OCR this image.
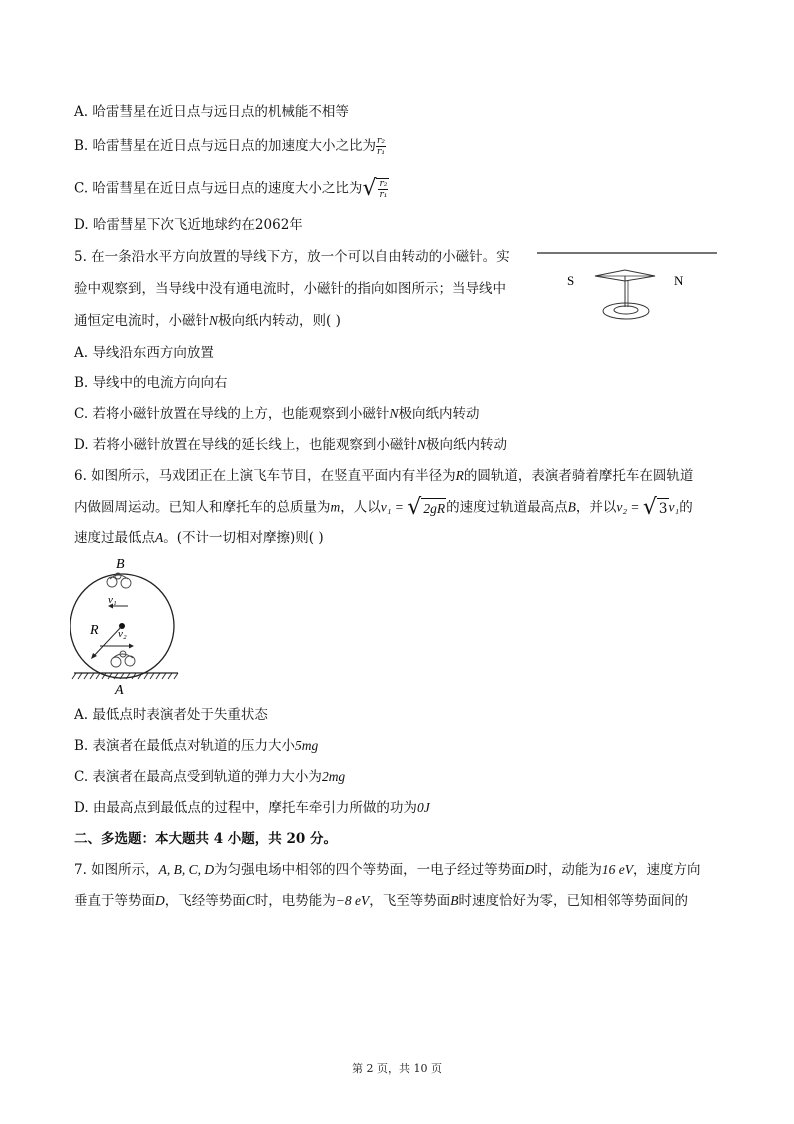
A. 哈雷彗星在近日点与远日点的机械能不相等
B. 哈雷彗星在近日点与远日点的加速度大小之比为 $\frac{\text{r₂}}{\text{r₁}}$
C. 哈雷彗星在近日点与远日点的速度大小之比为 √ $\frac{\text{r₂}}{\text{r₁}}$
D. 哈雷彗星下次飞近地球约在2062年
5. 在一条沿水平方向放置的导线下方，放一个可以自由转动的小磁针。实
验中观察到，当导线中没有通电流时，小磁针的指向如图所示；当导线中
通恒定电流时，小磁针N极向纸内转动，则( )
S	N
A. 导线沿东西方向放置
B. 导线中的电流方向向右
C. 若将小磁针放置在导线的上方，也能观察到小磁针N极向纸内转动
D. 若将小磁针放置在导线的延长线上，也能观察到小磁针N极向纸内转动
6. 如图所示，马戏团正在上演飞车节目，在竖直平面内有半径为R的圆轨道，表演者骑着摩托车在圆轨道
内做圆周运动。已知人和摩托车的总质量为m，人以v₁ = √ 2gR 的速度过轨道最高点B，并以v₂ = √ 3 v₁的
速度过最低点A。(不计一切相对摩擦)则( )
B
v₁
R v₂
A
A. 最低点时表演者处于失重状态
B. 表演者在最低点对轨道的压力大小5mg
C. 表演者在最高点受到轨道的弹力大小为2mg
D. 由最高点到最低点的过程中，摩托车牵引力所做的功为0J
二、多选题：本大题共 4 小题，共 20 分。
7. 如图所示，A, B, C, D为匀强电场中相邻的四个等势面，一电子经过等势面D时，动能为16 eV，速度方向
垂直于等势面D，飞经等势面C时，电势能为−8 eV，飞至等势面B时速度恰好为零，已知相邻等势面间的
第 2 页，共 10 页
